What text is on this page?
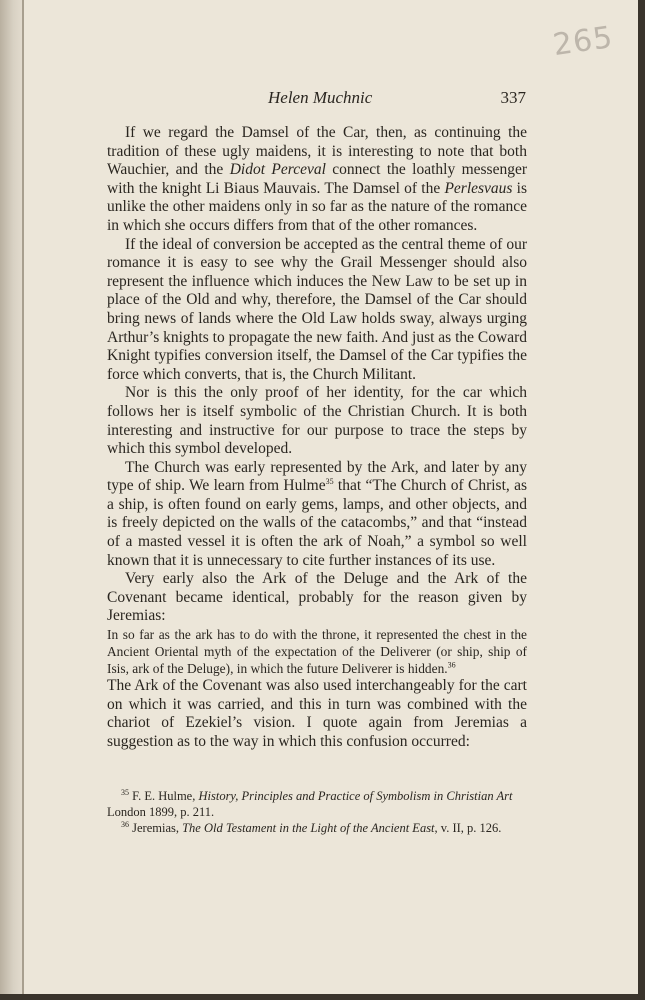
265
Helen Muchnic	337

If we regard the Damsel of the Car, then, as continuing the tradition of these ugly maidens, it is interesting to note that both Wauchier, and the Didot Perceval connect the loathly messenger with the knight Li Biaus Mauvais. The Damsel of the Perlesvaus is unlike the other maidens only in so far as the nature of the romance in which she occurs differs from that of the other romances.

If the ideal of conversion be accepted as the central theme of our romance it is easy to see why the Grail Messenger should also represent the influence which induces the New Law to be set up in place of the Old and why, therefore, the Damsel of the Car should bring news of lands where the Old Law holds sway, always urging Arthur’s knights to propagate the new faith. And just as the Coward Knight typifies conversion itself, the Damsel of the Car typifies the force which converts, that is, the Church Militant.

Nor is this the only proof of her identity, for the car which follows her is itself symbolic of the Christian Church. It is both interesting and instructive for our purpose to trace the steps by which this symbol developed.

The Church was early represented by the Ark, and later by any type of ship. We learn from Hulme$^{35}$ that “The Church of Christ, as a ship, is often found on early gems, lamps, and other objects, and is freely depicted on the walls of the catacombs,” and that “instead of a masted vessel it is often the ark of Noah,” a symbol so well known that it is unnecessary to cite further instances of its use.

Very early also the Ark of the Deluge and the Ark of the Covenant became identical, probably for the reason given by Jeremias:

In so far as the ark has to do with the throne, it represented the chest in the Ancient Oriental myth of the expectation of the Deliverer (or ship, ship of Isis, ark of the Deluge), in which the future Deliverer is hidden.$^{36}$

The Ark of the Covenant was also used interchangeably for the cart on which it was carried, and this in turn was combined with the chariot of Ezekiel’s vision. I quote again from Jeremias a suggestion as to the way in which this confusion occurred:

$^{35}$ F. E. Hulme, History, Principles and Practice of Symbolism in Christian Art
London 1899, p. 211.

$^{36}$ Jeremias, The Old Testament in the Light of the Ancient East, v. II, p. 126.
